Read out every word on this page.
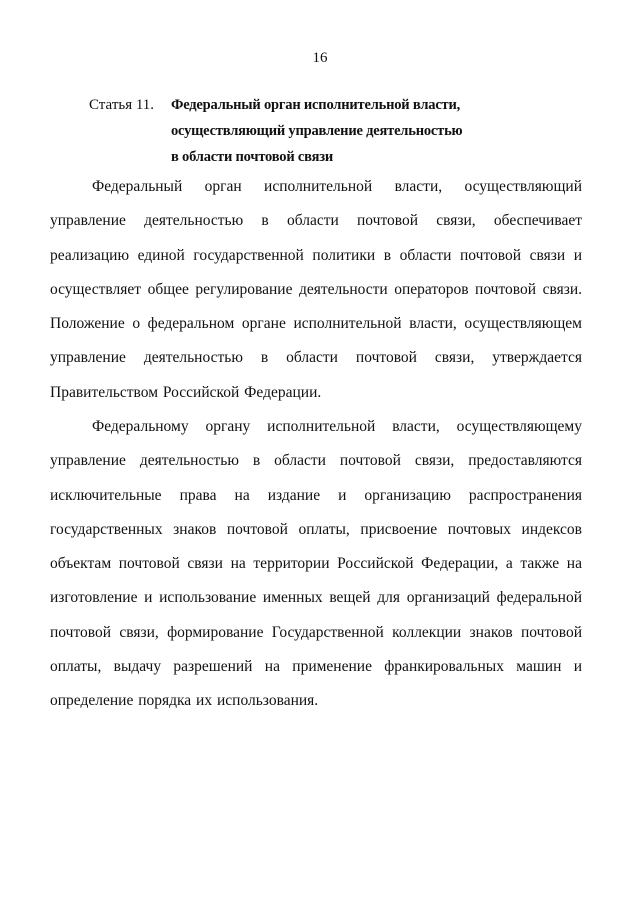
16
Статья 11. Федеральный орган исполнительной власти,
осуществляющий управление деятельностью
в области почтовой связи

Федеральный орган исполнительной власти, осуществляющий управление деятельностью в области почтовой связи, обеспечивает реализацию единой государственной политики в области почтовой связи и осуществляет общее регулирование деятельности операторов почтовой связи. Положение о федеральном органе исполнительной власти, осуществляющем управление деятельностью в области почтовой связи, утверждается Правительством Российской Федерации.

Федеральному органу исполнительной власти, осуществляющему управление деятельностью в области почтовой связи, предоставляются исключительные права на издание и организацию распространения государственных знаков почтовой оплаты, присвоение почтовых индексов объектам почтовой связи на территории Российской Федерации, а также на изготовление и использование именных вещей для организаций федеральной почтовой связи, формирование Государственной коллекции знаков почтовой оплаты, выдачу разрешений на применение франкировальных машин и определение порядка их использования.
